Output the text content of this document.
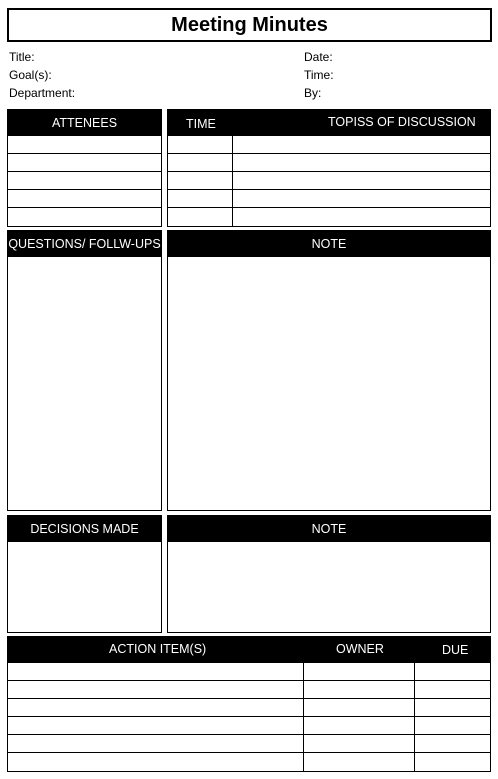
Meeting Minutes
Title:
Goal(s):
Department:
Date:
Time:
By:
ATTENEES	TIME	TOPISS OF DISCUSSION
QUESTIONS/ FOLLW-UPS	NOTE
DECISIONS MADE	NOTE
ACTION ITEM(S)	OWNER	DUE
